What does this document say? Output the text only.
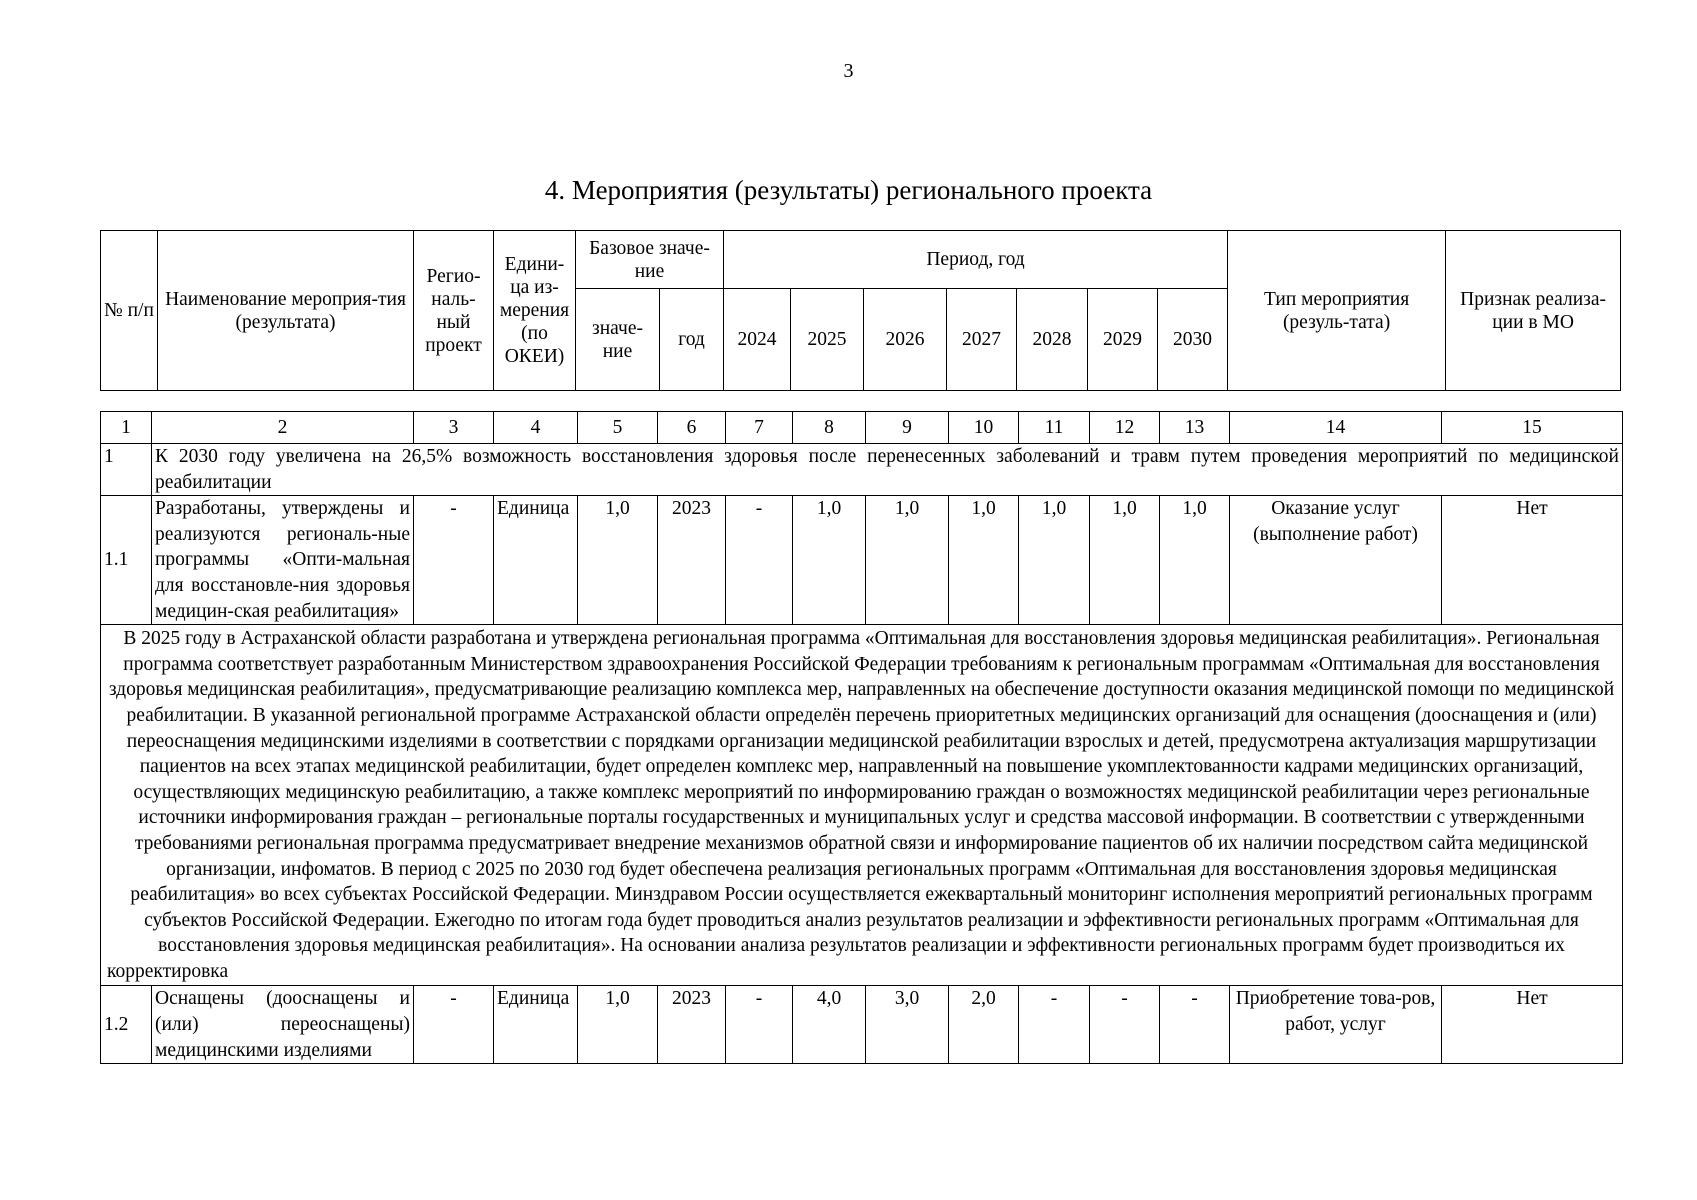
3
4. Мероприятия (результаты) регионального проекта
№ п/п	Наименование мероприя-тия (результата)	Регио-наль-ный проект	Едини-ца из-мерения (по ОКЕИ)	Базовое значе-ние		Период, год							Тип мероприятия (резуль-тата)	Признак реализа-ции в МО
				значе-ние	год	2024	2025	2026	2027	2028	2029	2030		
1	2	3	4	5	6	7	8	9	10	11	12	13	14	15
1	К 2030 году увеличена на 26,5% возможность восстановления здоровья после перенесенных заболеваний и травм путем проведения мероприятий по медицинской реабилитации													
1.1	Разработаны, утверждены и реализуются региональ-ные программы «Опти-мальная для восстановле-ния здоровья медицин-ская реабилитация»	-	Единица	1,0	2023	-	1,0	1,0	1,0	1,0	1,0	1,0	Оказание услуг (выполнение работ)	Нет
В 2025 году в Астраханской области разработана и утверждена региональная программа «Оптимальная для восстановления здоровья медицинская реабилитация». Региональная программа соответствует разработанным Министерством здравоохранения Российской Федерации требованиям к региональным программам «Оптимальная для восстановления здоровья медицинская реабилитация», предусматривающие реализацию комплекса мер, направленных на обеспечение доступности оказания медицинской помощи по медицинской реабилитации. В указанной региональной программе Астраханской области определён перечень приоритетных медицинских организаций для оснащения (дооснащения и (или) переоснащения медицинскими изделиями в соответствии с порядками организации медицинской реабилитации взрослых и детей, предусмотрена актуализация маршрутизации пациентов на всех этапах медицинской реабилитации, будет определен комплекс мер, направленный на повышение укомплектованности кадрами медицинских организаций, осуществляющих медицинскую реабилитацию, а также комплекс мероприятий по информированию граждан о возможностях медицинской реабилитации через региональные источники информирования граждан – региональные порталы государственных и муниципальных услуг и средства массовой информации. В соответствии с утвержденными требованиями региональная программа предусматривает внедрение механизмов обратной связи и информирование пациентов об их наличии посредством сайта медицинской организации, инфоматов. В период с 2025 по 2030 год будет обеспечена реализация региональных программ «Оптимальная для восстановления здоровья медицинская реабилитация» во всех субъектах Российской Федерации. Минздравом России осуществляется ежеквартальный мониторинг исполнения мероприятий региональных программ субъектов Российской Федерации. Ежегодно по итогам года будет проводиться анализ результатов реализации и эффективности региональных программ «Оптимальная для восстановления здоровья медицинская реабилитация». На основании анализа результатов реализации и эффективности региональных программ будет производиться их корректировка														
1.2	Оснащены (дооснащены и (или) переоснащены) медицинскими изделиями	-	Единица	1,0	2023	-	4,0	3,0	2,0	-	-	-	Приобретение това-ров, работ, услуг	Нет
